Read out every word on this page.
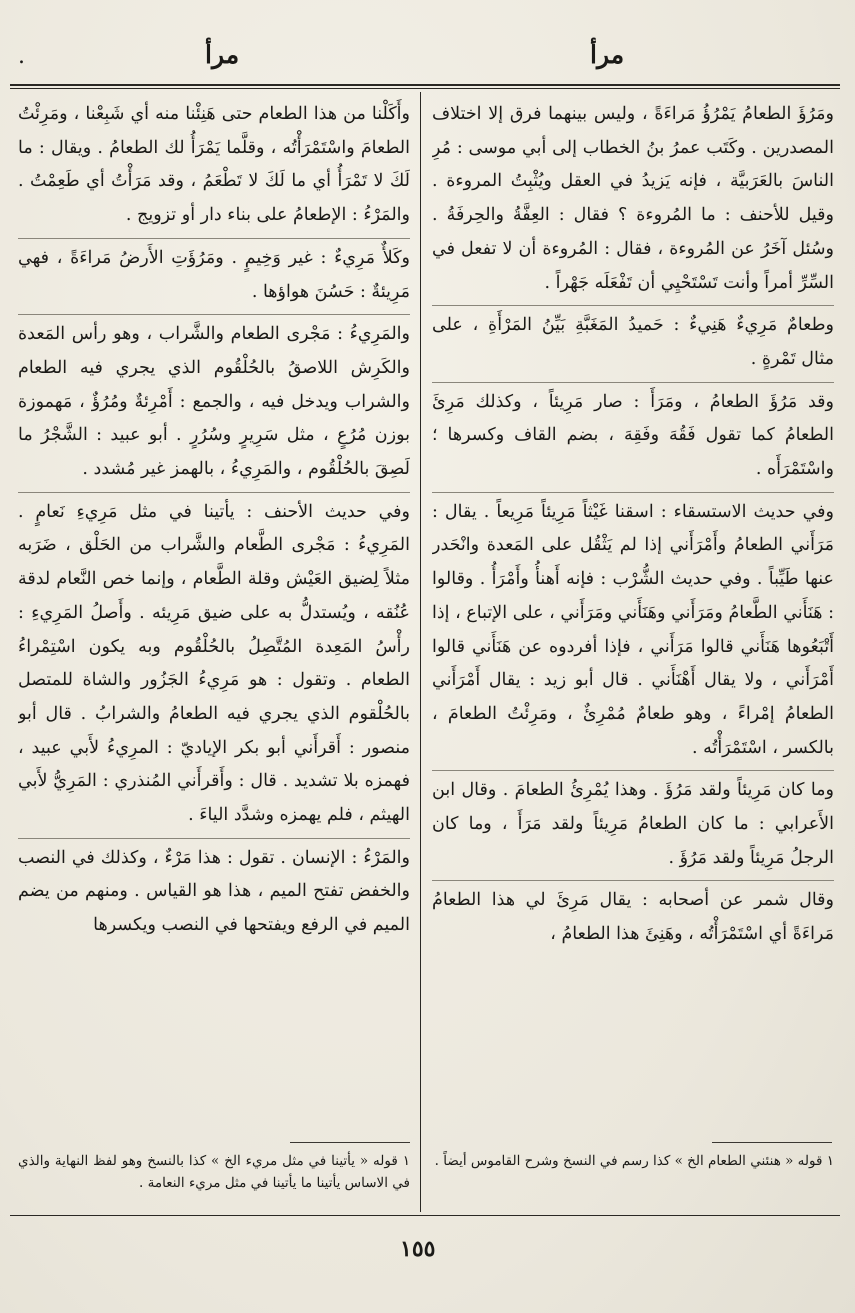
مرأ
مرأ
.

ومَرُؤَ الطعامُ يَمْرُؤُ مَراءَةً ، وليس بينهما فرق إلا اختلاف المصدرين . وكَتَب عمرُ بنُ الخطاب إلى أبي موسى : مُرِ الناسَ بالعَرَبيَّة ، فإنه يَزيدُ في العقل ويُثْبِتُ المروءة . وقيل للأحنف : ما المُروءة ؟ فقال : العِفَّةُ والحِرفَةُ . وسُئل آخَرُ عن المُروءة ، فقال : المُروءة أن لا تفعل في السِّرِّ أمراً وأنت تَسْتَحْيِي أن تَفْعَلَه جَهْراً .

وطعامٌ مَرِيءٌ هَنِيءٌ : حَميدُ المَغَبَّةِ بَيِّنُ المَرْأَةِ ، على مثال تَمْرةٍ .

وقد مَرُؤَ الطعامُ ، ومَرَأَ : صار مَرِيئاً ، وكذلك مَرِئَ الطعامُ كما تقول فَقُهَ وفَقِهَ ، بضم القاف وكسرها ؛ واسْتَمْرَأَه .

وفي حديث الاستسقاء : اسقنا غَيْثاً مَرِيئاً مَرِيعاً . يقال : مَرَأَني الطعامُ وأَمْرَأَني إذا لم يَثْقُل على المَعدة وانْحَدر عنها طَيِّباً . وفي حديث الشُّرْب : فإنه أَهنأُ وأَمْرَأُ . وقالوا : هَنَأَني الطَّعامُ ومَرَأَني وهَنَأَني ومَرَأَني ، على الإتباع ، إذا أَتْبَعُوها هَنَأَني قالوا مَرَأَني ، فإذا أفردوه عن هَنَأَني قالوا أَمْرَأَني ، ولا يقال أَهْنَأَني . قال أبو زيد : يقال أَمْرَأَني الطعامُ إمْراءً ، وهو طعامٌ مُمْرِئٌ ، ومَرِئْتُ الطعامَ ، بالكسر ، اسْتَمْرَأْتُه .

وما كان مَرِيئاً ولقد مَرُؤَ . وهذا يُمْرِئُ الطعامَ . وقال ابن الأَعرابي : ما كان الطعامُ مَرِيئاً ولقد مَرَأَ ، وما كان الرجلُ مَرِيئاً ولقد مَرُؤَ .

وقال شمر عن أصحابه : يقال مَرِئَ لي هذا الطعامُ مَراءَةً أي اسْتَمْرَأْتُه ، وهَنِئَ هذا الطعامُ ،

وأَكَلْنا من هذا الطعام حتى هَنِئْنا منه أي شَبِعْنا ، ومَرِئْتُ الطعامَ واسْتَمْرَأْتُه ، وقلَّما يَمْرَأُ لك الطعامُ . ويقال : ما لَكَ لا تَمْرَأُ أي ما لَكَ لا تَطْعَمُ ، وقد مَرَأْتُ أي طَعِمْتُ . والمَرْءُ : الإطعامُ على بناء دار أو تزويج .

وكَلأٌ مَرِيءٌ : غير وَخِيمٍ . ومَرُؤَتِ الأَرضُ مَراءَةً ، فهي مَرِيئةٌ : حَسُنَ هواؤها .

والمَرِيءُ : مَجْرى الطعام والشَّراب ، وهو رأس المَعدة والكَرِش اللاصقُ بالحُلْقُوم الذي يجري فيه الطعام والشراب ويدخل فيه ، والجمع : أَمْرِئةٌ ومُرُؤٌ ، مَهموزة بوزن مُرُعٍ ، مثل سَرِيرٍ وسُرُرٍ . أبو عبيد : الشَّجْرُ ما لَصِقَ بالحُلْقُوم ، والمَرِيءُ ، بالهمز غير مُشدد .

وفي حديث الأحنف : يأتينا في مثل مَرِيءِ نَعامٍ . المَرِيءُ : مَجْرى الطَّعام والشَّراب من الحَلْق ، ضَرَبه مثلاً لِضيق العَيْش وقلة الطَّعام ، وإنما خص النَّعام لدقة عُنُقه ، ويُستدلُّ به على ضيق مَرِيئه . وأَصلُ المَرِيءِ : رأْسُ المَعِدة المُتَّصِلُ بالحُلْقُوم وبه يكون اسْتِمْراءُ الطعام . وتقول : هو مَرِيءُ الجَزُور والشاة للمتصل بالحُلْقوم الذي يجري فيه الطعامُ والشرابُ . قال أبو منصور : أَقرأَني أبو بكر الإياديّ : المرِيءُ لأَبي عبيد ، فهمزه بلا تشديد . قال : وأَقرأَني المُنذري : المَرِيُّ لأَبي الهيثم ، فلم يهمزه وشدَّد الياءَ .

والمَرْءُ : الإنسان . تقول : هذا مَرْءٌ ، وكذلك في النصب والخفض تفتح الميم ، هذا هو القياس . ومنهم من يضم الميم في الرفع ويفتحها في النصب ويكسرها

١ قوله « هنئني الطعام الخ » كذا رسم في النسخ وشرح القاموس أيضاً .
١ قوله « يأتينا في مثل مريء الخ » كذا بالنسخ وهو لفظ النهاية والذي في الاساس يأتينا ما يأتينا في مثل مريء النعامة .
١٥٥
